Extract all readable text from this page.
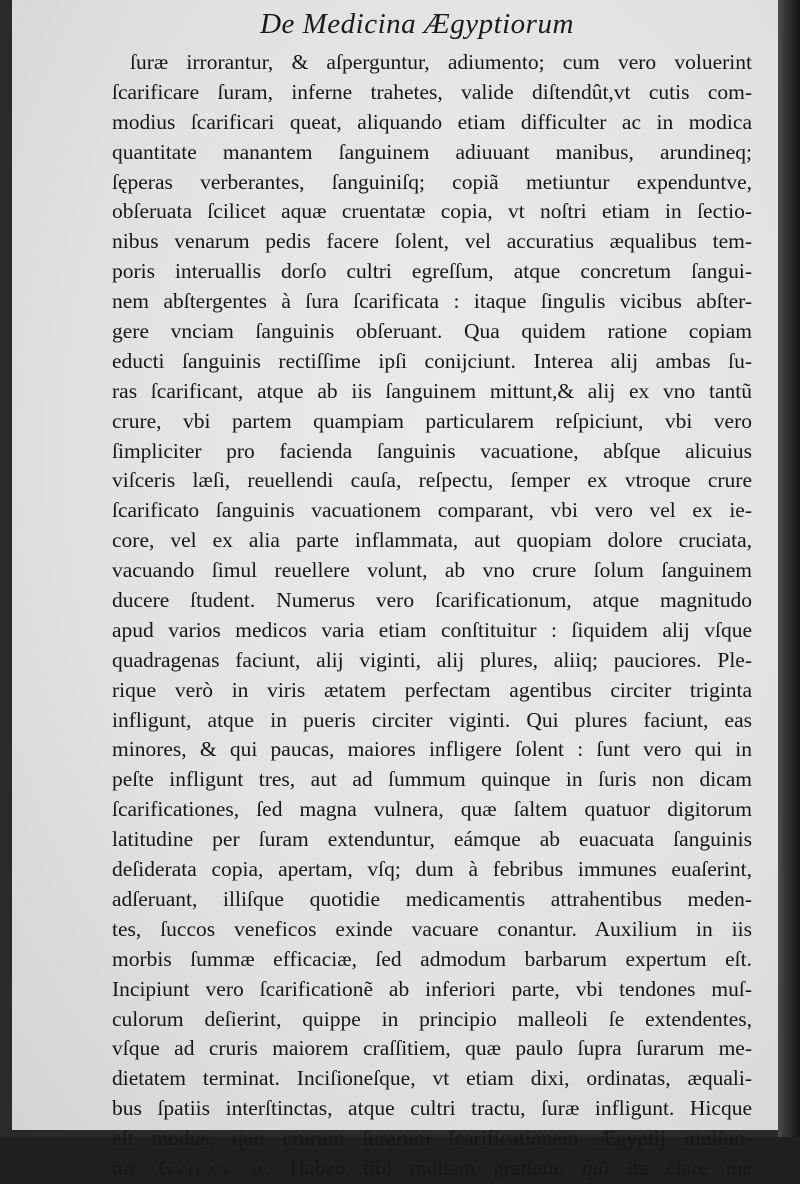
De Medicina Ægyptiorum
ſuræ irrorantur, & aſperguntur, adiumento; cum vero voluerint
ſcarificare ſuram, inferne trahetes, valide diſtendût,vt cutis com-
modius ſcarificari queat, aliquando etiam difficulter ac in modica
quantitate manantem ſanguinem adiuuant manibus, arundineq;
ſęperas verberantes, ſanguiniſq; copiã metiuntur expenduntve,
obſeruata ſcilicet aquæ cruentatæ copia, vt noſtri etiam in ſectio-
nibus venarum pedis facere ſolent, vel accuratius æqualibus tem-
poris interuallis dorſo cultri egreſſum, atque concretum ſangui-
nem abſtergentes à ſura ſcarificata : itaque ſingulis vicibus abſter-
gere vnciam ſanguinis obſeruant. Qua quidem ratione copiam
educti ſanguinis rectiſſime ipſi conijciunt. Interea alij ambas ſu-
ras ſcarificant, atque ab iis ſanguinem mittunt,& alij ex vno tantũ
crure, vbi partem quampiam particularem reſpiciunt, vbi vero
ſimpliciter pro facienda ſanguinis vacuatione, abſque alicuius
viſceris læſi, reuellendi cauſa, reſpectu, ſemper ex vtroque crure
ſcarificato ſanguinis vacuationem comparant, vbi vero vel ex ie-
core, vel ex alia parte inflammata, aut quopiam dolore cruciata,
vacuando ſimul reuellere volunt, ab vno crure ſolum ſanguinem
ducere ſtudent. Numerus vero ſcarificationum, atque magnitudo
apud varios medicos varia etiam conſtituitur : ſiquidem alij vſque
quadragenas faciunt, alij viginti, alij plures, aliiq; pauciores. Ple-
rique verò in viris ætatem perfectam agentibus circiter triginta
infligunt, atque in pueris circiter viginti. Qui plures faciunt, eas
minores, & qui paucas, maiores infligere ſolent : ſunt vero qui in
peſte infligunt tres, aut ad ſummum quinque in ſuris non dicam
ſcarificationes, ſed magna vulnera, quæ ſaltem quatuor digitorum
latitudine per ſuram extenduntur, eámque ab euacuata ſanguinis
deſiderata copia, apertam, vſq; dum à febribus immunes euaſerint,
adſeruant, illiſque quotidie medicamentis attrahentibus meden-
tes, ſuccos veneficos exinde vacuare conantur. Auxilium in iis
morbis ſummæ efficaciæ, ſed admodum barbarum expertum eſt.
Incipiunt vero ſcarificationẽ ab inferiori parte, vbi tendones muſ-
culorum deſierint, quippe in principio malleoli ſe extendentes,
vſque ad cruris maiorem craſſitiem, quæ paulo ſupra ſurarum me-
dietatem terminat. Inciſioneſque, vt etiam dixi, ordinatas, æquali-
bus ſpatiis interſtinctas, atque cultri tractu, ſuræ infligunt. Hicque
eſt modus, quo crurum ſurarum ſcarificationem Ægyptij moliun-
tur. Gvilan d. Habeo tibi multam gratiam, qui ita clare me
